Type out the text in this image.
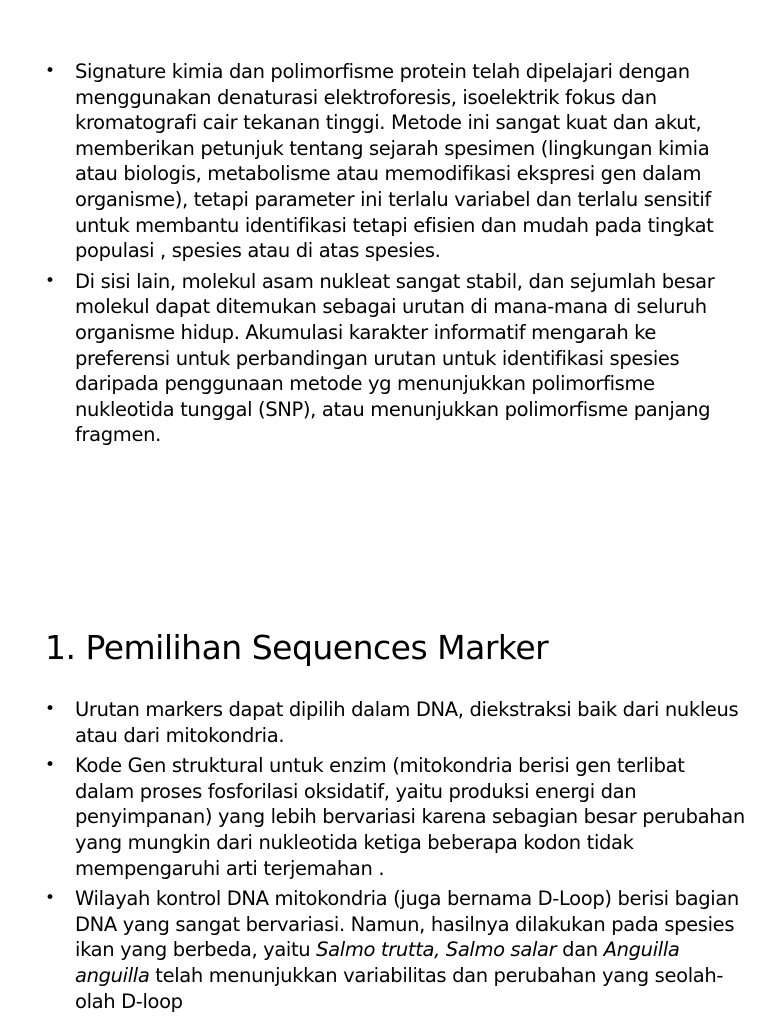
• Signature kimia dan polimorfisme protein telah dipelajari dengan menggunakan denaturasi elektroforesis, isoelektrik fokus dan kromatografi cair tekanan tinggi. Metode ini sangat kuat dan akut, memberikan petunjuk tentang sejarah spesimen (lingkungan kimia atau biologis, metabolisme atau memodifikasi ekspresi gen dalam organisme), tetapi parameter ini terlalu variabel dan terlalu sensitif untuk membantu identifikasi tetapi efisien dan mudah pada tingkat populasi , spesies atau di atas spesies.
• Di sisi lain, molekul asam nukleat sangat stabil, dan sejumlah besar molekul dapat ditemukan sebagai urutan di mana-mana di seluruh organisme hidup. Akumulasi karakter informatif mengarah ke preferensi untuk perbandingan urutan untuk identifikasi spesies daripada penggunaan metode yg menunjukkan polimorfisme nukleotida tunggal (SNP), atau menunjukkan polimorfisme panjang fragmen.
1. Pemilihan Sequences Marker
• Urutan markers dapat dipilih dalam DNA, diekstraksi baik dari nukleus atau dari mitokondria.
• Kode Gen struktural untuk enzim (mitokondria berisi gen terlibat dalam proses fosforilasi oksidatif, yaitu produksi energi dan penyimpanan) yang lebih bervariasi karena sebagian besar perubahan yang mungkin dari nukleotida ketiga beberapa kodon tidak mempengaruhi arti terjemahan .
• Wilayah kontrol DNA mitokondria (juga bernama D-Loop) berisi bagian DNA yang sangat bervariasi. Namun, hasilnya dilakukan pada spesies ikan yang berbeda, yaitu Salmo trutta, Salmo salar dan Anguilla anguilla telah menunjukkan variabilitas dan perubahan yang seolah-olah D-loop
